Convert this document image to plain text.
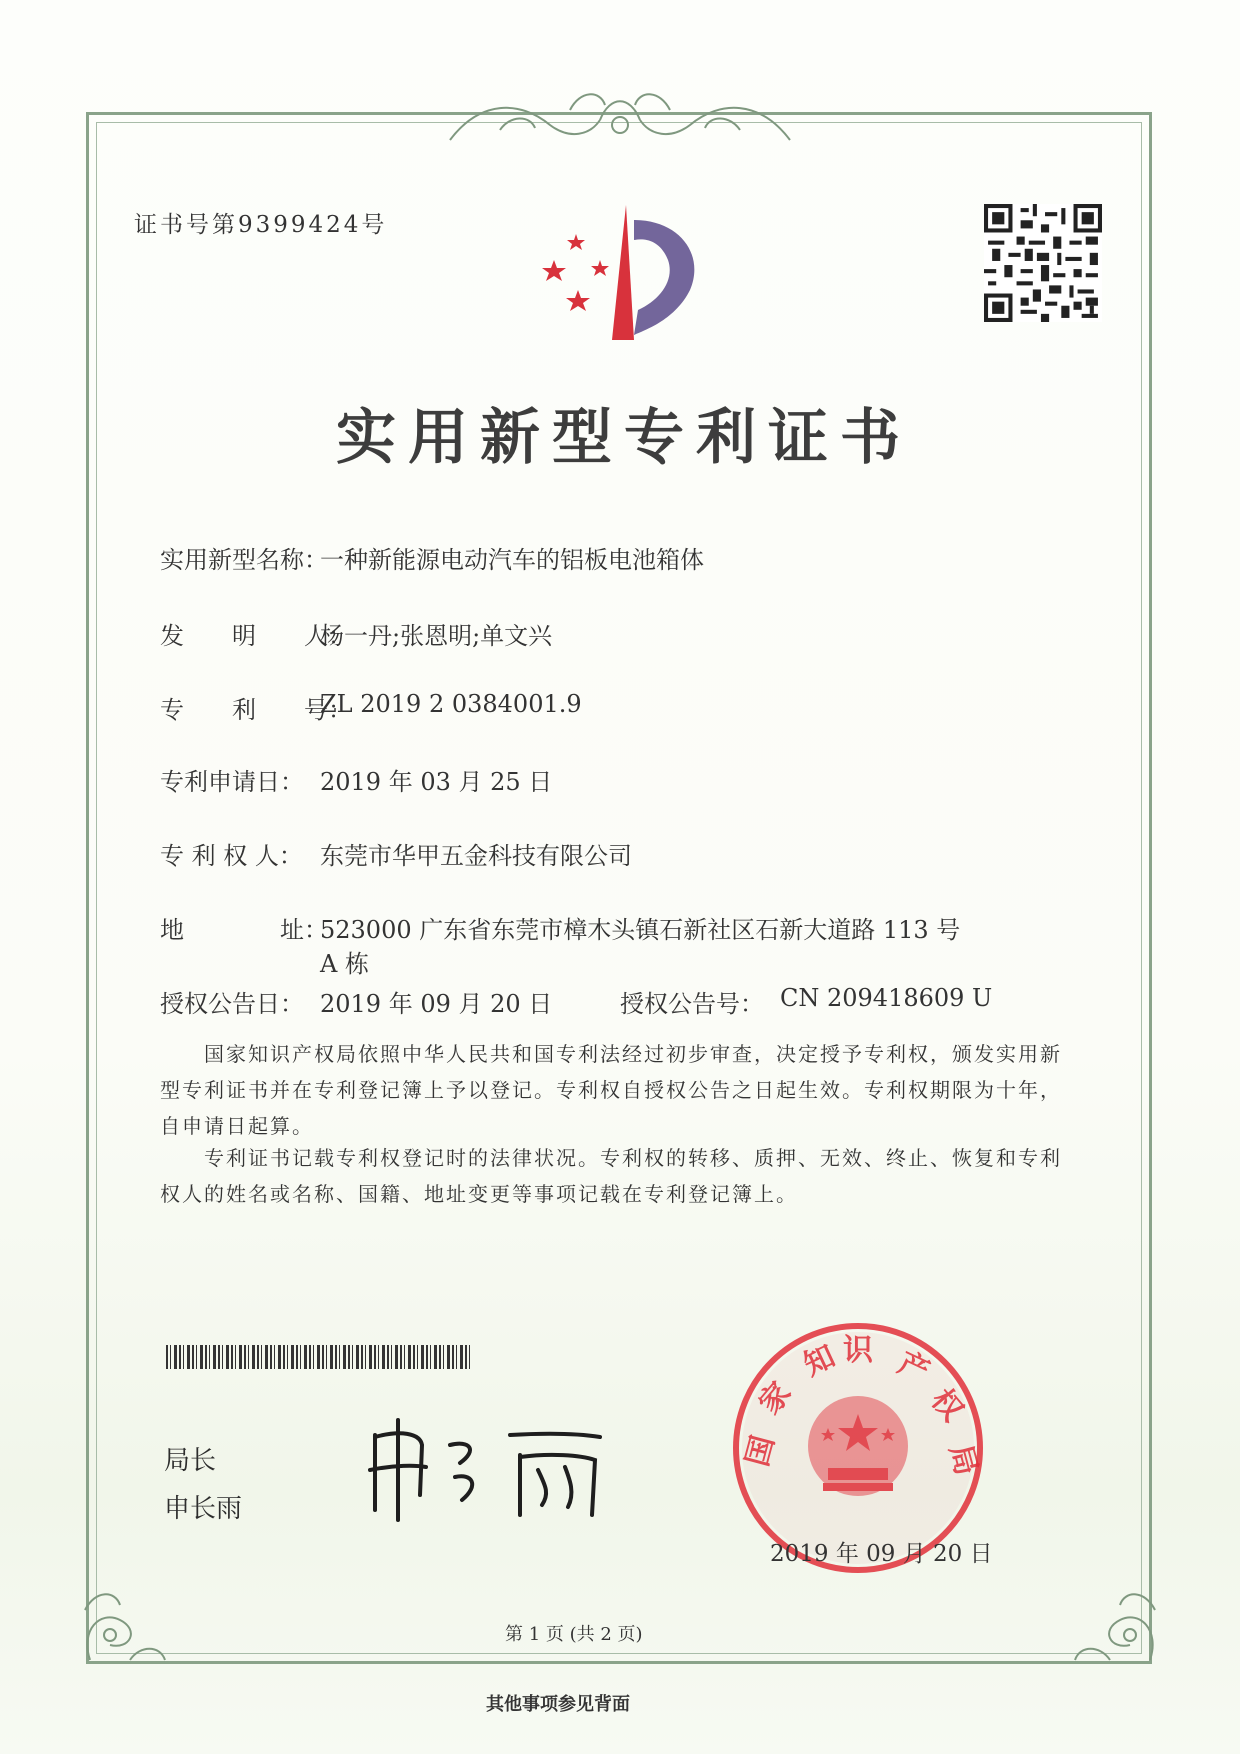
证书号第9399424号
实用新型专利证书
实用新型名称：
一种新能源电动汽车的铝板电池箱体
发　　明　　人：
杨一丹;张恩明;单文兴
专　　利　　号：
ZL 2019 2 0384001.9
专利申请日： 2019 年 03 月 25 日
专 利 权 人： 东莞市华甲五金科技有限公司
地　　　　址：
523000 广东省东莞市樟木头镇石新社区石新大道路 113 号
A 栋
授权公告日： 2019 年 09 月 20 日	授权公告号： CN 209418609 U
　　国家知识产权局依照中华人民共和国专利法经过初步审查，决定授予专利权，颁发实用新型专利证书并在专利登记簿上予以登记。专利权自授权公告之日起生效。专利权期限为十年，自申请日起算。
　　专利证书记载专利权登记时的法律状况。专利权的转移、质押、无效、终止、恢复和专利权人的姓名或名称、国籍、地址变更等事项记载在专利登记簿上。
局长
申长雨
国
家
知 识 产
权
局
2019 年 09 月 20 日
第 1 页 (共 2 页)
其他事项参见背面
